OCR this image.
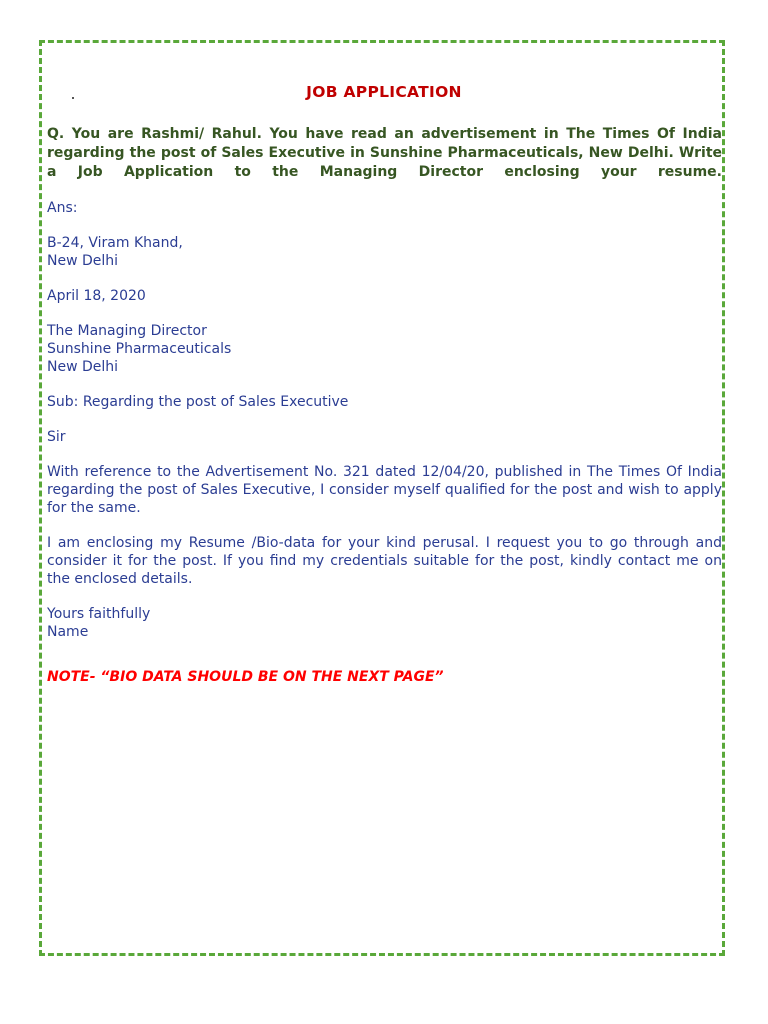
JOB APPLICATION

Q. You are Rashmi/ Rahul. You have read an advertisement in The Times Of India regarding the post of Sales Executive in Sunshine Pharmaceuticals, New Delhi. Write a Job Application to the Managing Director enclosing your resume.

Ans:

B-24, Viram Khand,

New Delhi

April 18, 2020

The Managing Director

Sunshine Pharmaceuticals

New Delhi

Sub: Regarding the post of Sales Executive

Sir

With reference to the Advertisement No. 321 dated 12/04/20, published in The Times Of India regarding the post of Sales Executive, I consider myself qualified for the post and wish to apply for the same.

I am enclosing my Resume /Bio-data for your kind perusal. I request you to go through and consider it for the post. If you find my credentials suitable for the post, kindly contact me on the enclosed details.

Yours faithfully

Name

NOTE- “BIO DATA SHOULD BE ON THE NEXT PAGE”
